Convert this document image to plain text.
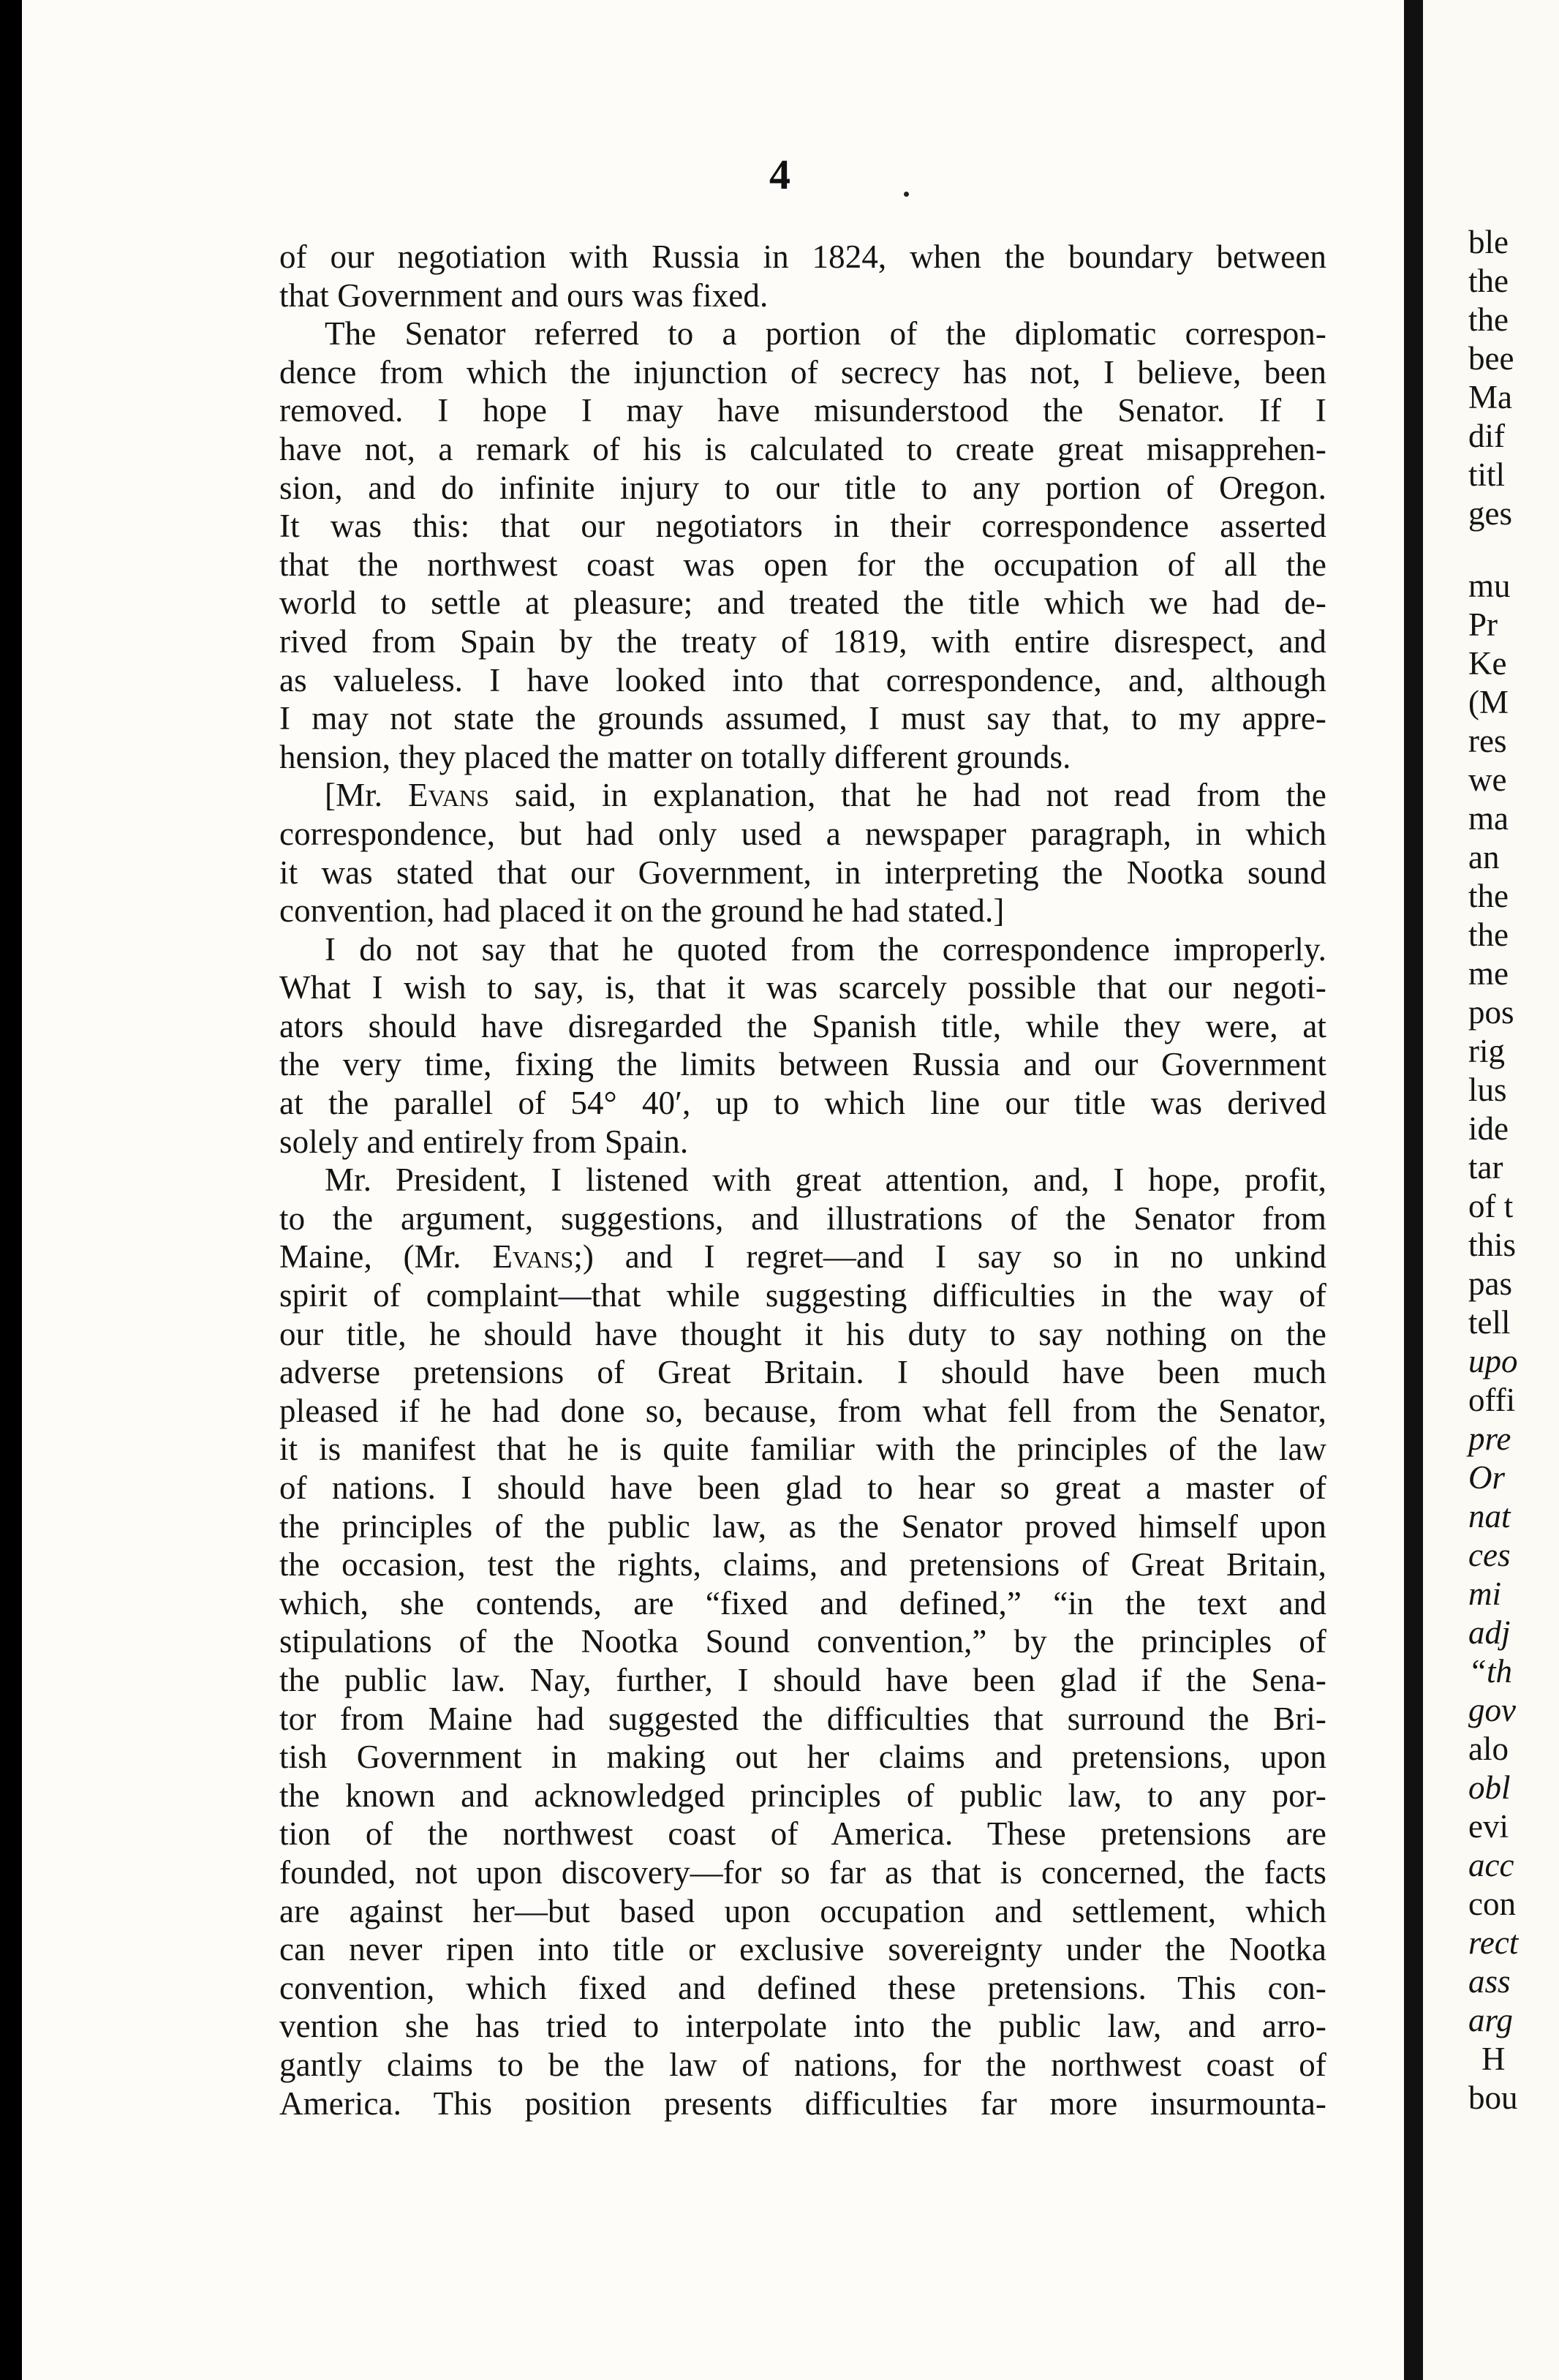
4
of our negotiation with Russia in 1824, when the boundary between
that Government and ours was fixed.
The Senator referred to a portion of the diplomatic correspon-
dence from which the injunction of secrecy has not, I believe, been
removed. I hope I may have misunderstood the Senator. If I
have not, a remark of his is calculated to create great misapprehen-
sion, and do infinite injury to our title to any portion of Oregon.
It was this: that our negotiators in their correspondence asserted
that the northwest coast was open for the occupation of all the
world to settle at pleasure; and treated the title which we had de-
rived from Spain by the treaty of 1819, with entire disrespect, and
as valueless. I have looked into that correspondence, and, although
I may not state the grounds assumed, I must say that, to my appre-
hension, they placed the matter on totally different grounds.
[Mr. Evans said, in explanation, that he had not read from the
correspondence, but had only used a newspaper paragraph, in which
it was stated that our Government, in interpreting the Nootka sound
convention, had placed it on the ground he had stated.]
I do not say that he quoted from the correspondence improperly.
What I wish to say, is, that it was scarcely possible that our negoti-
ators should have disregarded the Spanish title, while they were, at
the very time, fixing the limits between Russia and our Government
at the parallel of 54° 40′, up to which line our title was derived
solely and entirely from Spain.
Mr. President, I listened with great attention, and, I hope, profit,
to the argument, suggestions, and illustrations of the Senator from
Maine, (Mr. Evans;) and I regret—and I say so in no unkind
spirit of complaint—that while suggesting difficulties in the way of
our title, he should have thought it his duty to say nothing on the
adverse pretensions of Great Britain. I should have been much
pleased if he had done so, because, from what fell from the Senator,
it is manifest that he is quite familiar with the principles of the law
of nations. I should have been glad to hear so great a master of
the principles of the public law, as the Senator proved himself upon
the occasion, test the rights, claims, and pretensions of Great Britain,
which, she contends, are “fixed and defined,” “in the text and
stipulations of the Nootka Sound convention,” by the principles of
the public law. Nay, further, I should have been glad if the Sena-
tor from Maine had suggested the difficulties that surround the Bri-
tish Government in making out her claims and pretensions, upon
the known and acknowledged principles of public law, to any por-
tion of the northwest coast of America. These pretensions are
founded, not upon discovery—for so far as that is concerned, the facts
are against her—but based upon occupation and settlement, which
can never ripen into title or exclusive sovereignty under the Nootka
convention, which fixed and defined these pretensions. This con-
vention she has tried to interpolate into the public law, and arro-
gantly claims to be the law of nations, for the northwest coast of
America. This position presents difficulties far more insurmounta-
ble
the
the
bee
Ma
dif
titl
ges
mu
Pr
Ke
(M
res
we
ma
an
the
the
me
pos
rig
lus
ide
tar
of t
this
pas
tell
upo
offi
pre
Or
nat
ces
mi
adj
“th
gov
alo
obl
evi
acc
con
rect
ass
arg
H
bou
